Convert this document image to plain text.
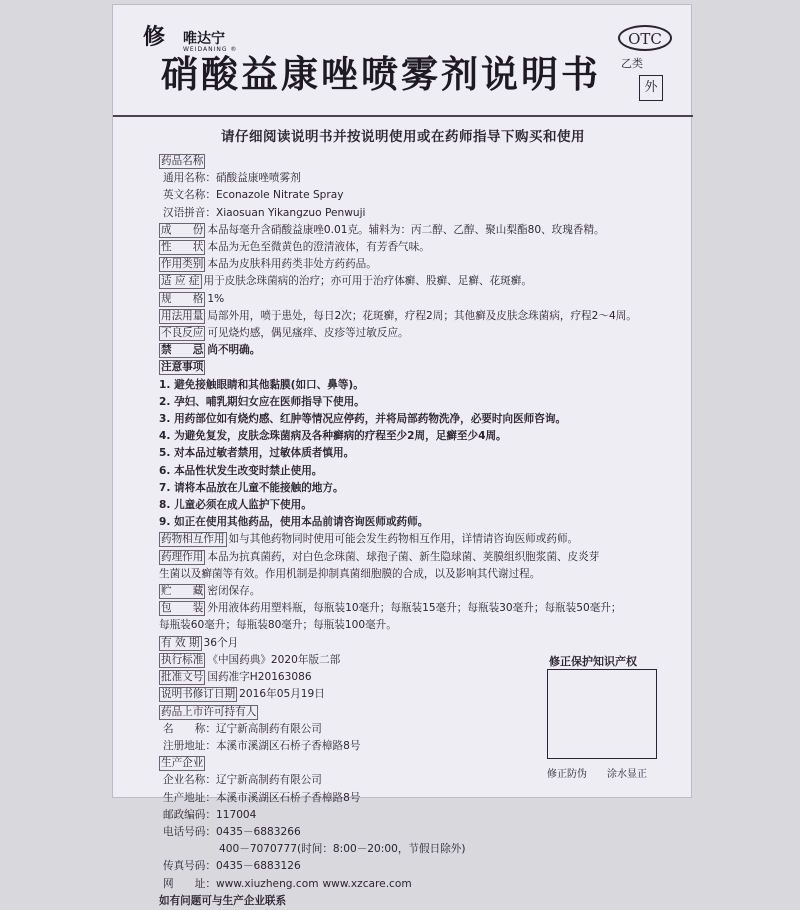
修 唯达宁
WEIDANING ®
硝酸益康唑喷雾剂说明书
OTC
乙类
外
请仔细阅读说明书并按说明使用或在药师指导下购买和使用
药品名称
通用名称：硝酸益康唑喷雾剂
英文名称：Econazole Nitrate Spray
汉语拼音：Xiaosuan Yikangzuo Penwuji
成　　份 本品每毫升含硝酸益康唑0.01克。辅料为：丙二醇、乙醇、聚山梨酯80、玫瑰香精。
性　　状 本品为无色至微黄色的澄清液体，有芳香气味。
作用类别 本品为皮肤科用药类非处方药药品。
适 应 症 用于皮肤念珠菌病的治疗；亦可用于治疗体癣、股癣、足癣、花斑癣。
规　　格 1%
用法用量 局部外用，喷于患处，每日2次；花斑癣，疗程2周；其他癣及皮肤念珠菌病，疗程2～4周。
不良反应 可见烧灼感，偶见瘙痒、皮疹等过敏反应。
禁　　忌 尚不明确。
注意事项
1. 避免接触眼睛和其他黏膜(如口、鼻等)。
2. 孕妇、哺乳期妇女应在医师指导下使用。
3. 用药部位如有烧灼感、红肿等情况应停药，并将局部药物洗净，必要时向医师咨询。
4. 为避免复发，皮肤念珠菌病及各种癣病的疗程至少2周，足癣至少4周。
5. 对本品过敏者禁用，过敏体质者慎用。
6. 本品性状发生改变时禁止使用。
7. 请将本品放在儿童不能接触的地方。
8. 儿童必须在成人监护下使用。
9. 如正在使用其他药品，使用本品前请咨询医师或药师。
药物相互作用 如与其他药物同时使用可能会发生药物相互作用，详情请咨询医师或药师。
药理作用 本品为抗真菌药，对白色念珠菌、球孢子菌、新生隐球菌、荚膜组织胞浆菌、皮炎芽
生菌以及癣菌等有效。作用机制是抑制真菌细胞膜的合成，以及影响其代谢过程。
贮　　藏 密闭保存。
包　　装 外用液体药用塑料瓶，每瓶装10毫升；每瓶装15毫升；每瓶装30毫升；每瓶装50毫升；
每瓶装60毫升；每瓶装80毫升；每瓶装100毫升。
有 效 期 36个月
执行标准 《中国药典》2020年版二部
批准文号 国药准字H20163086
说明书修订日期 2016年05月19日
药品上市许可持有人
名　　称：辽宁新高制药有限公司
注册地址：本溪市溪湖区石桥子香樟路8号
生产企业
企业名称：辽宁新高制药有限公司
生产地址：本溪市溪湖区石桥子香樟路8号
邮政编码：117004
电话号码：0435－6883266
400－7070777(时间：8:00－20:00，节假日除外)
传真号码：0435－6883126
网　　址：www.xiuzheng.com www.xzcare.com
如有问题可与生产企业联系
修正保护知识产权
修正防伪 涂水显正
